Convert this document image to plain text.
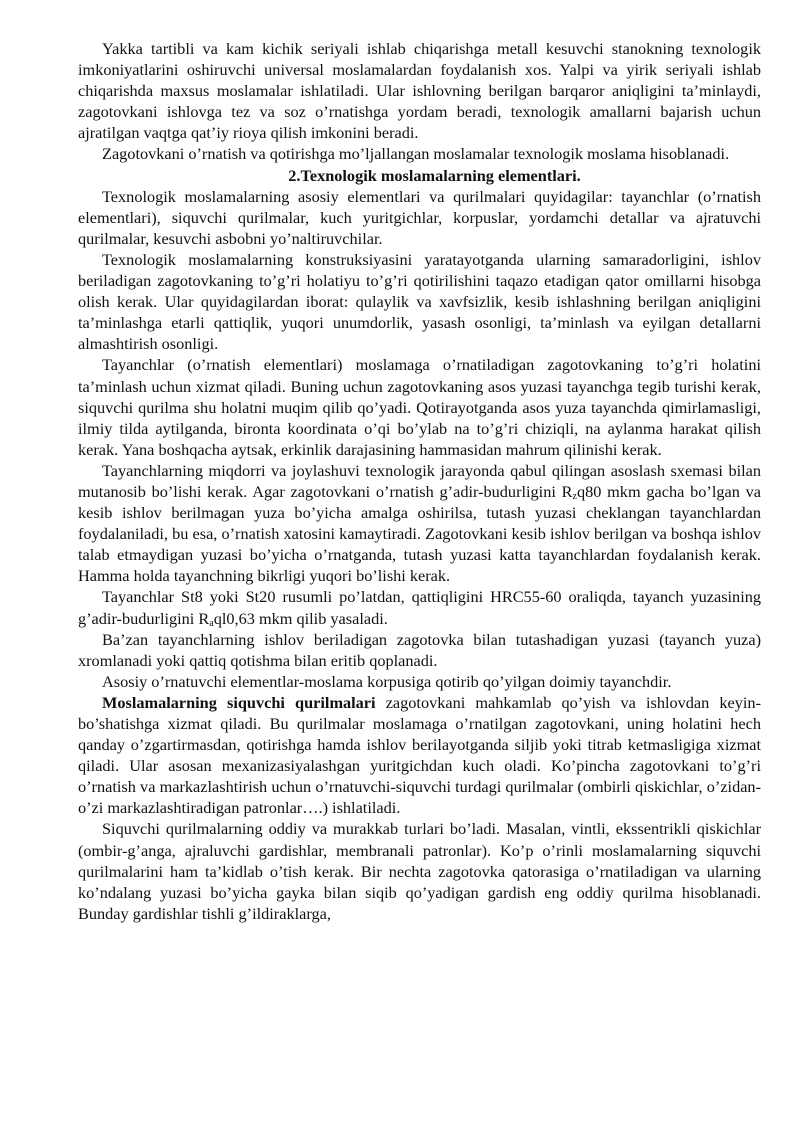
Yakka tartibli va kam kichik seriyali ishlab chiqarishga metall kesuvchi stanokning texnologik imkoniyatlarini oshiruvchi universal moslamalardan foydalanish xos. Yalpi va yirik seriyali ishlab chiqarishda maxsus moslamalar ishlatiladi. Ular ishlovning berilgan barqaror aniqligini ta’minlaydi, zagotovkani ishlovga tez va soz o’rnatishga yordam beradi, texnologik amallarni bajarish uchun ajratilgan vaqtga qat’iy rioya qilish imkonini beradi.

Zagotovkani o’rnatish va qotirishga mo’ljallangan moslamalar texnologik moslama hisoblanadi.

2.Texnologik moslamalarning elementlari.

Texnologik moslamalarning asosiy elementlari va qurilmalari quyidagilar: tayanchlar (o’rnatish elementlari), siquvchi qurilmalar, kuch yuritgichlar, korpuslar, yordamchi detallar va ajratuvchi qurilmalar, kesuvchi asbobni yo’naltiruvchilar.

Texnologik moslamalarning konstruksiyasini yaratayotganda ularning samaradorligini, ishlov beriladigan zagotovkaning to’g’ri holatiyu to’g’ri qotirilishini taqazo etadigan qator omillarni hisobga olish kerak. Ular quyidagilardan iborat: qulaylik va xavfsizlik, kesib ishlashning berilgan aniqligini ta’minlashga etarli qattiqlik, yuqori unumdorlik, yasash osonligi, ta’minlash va eyilgan detallarni almashtirish osonligi.

Tayanchlar (o’rnatish elementlari) moslamaga o’rnatiladigan zagotovkaning to’g’ri holatini ta’minlash uchun xizmat qiladi. Buning uchun zagotovkaning asos yuzasi tayanchga tegib turishi kerak, siquvchi qurilma shu holatni muqim qilib qo’yadi. Qotirayotganda asos yuza tayanchda qimirlamasligi, ilmiy tilda aytilganda, bironta koordinata o’qi bo’ylab na to’g’ri chiziqli, na aylanma harakat qilish kerak. Yana boshqacha aytsak, erkinlik darajasining hammasidan mahrum qilinishi kerak.

Tayanchlarning miqdorri va joylashuvi texnologik jarayonda qabul qilingan asoslash sxemasi bilan mutanosib bo’lishi kerak. Agar zagotovkani o’rnatish g’adir-budurligini $R_zq80$ mkm gacha bo’lgan va kesib ishlov berilmagan yuza bo’yicha amalga oshirilsa, tutash yuzasi cheklangan tayanchlardan foydalaniladi, bu esa, o’rnatish xatosini kamaytiradi. Zagotovkani kesib ishlov berilgan va boshqa ishlov talab etmaydigan yuzasi bo’yicha o’rnatganda, tutash yuzasi katta tayanchlardan foydalanish kerak. Hamma holda tayanchning bikrligi yuqori bo’lishi kerak.

Tayanchlar St8 yoki St20 rusumli po’latdan, qattiqligini HRC55-60 oraliqda, tayanch yuzasining g’adir-budurligini $R_aql0,63$ mkm qilib yasaladi.

Ba’zan tayanchlarning ishlov beriladigan zagotovka bilan tutashadigan yuzasi (tayanch yuza) xromlanadi yoki qattiq qotishma bilan eritib qoplanadi.

Asosiy o’rnatuvchi elementlar-moslama korpusiga qotirib qo’yilgan doimiy tayanchdir.

Moslamalarning siquvchi qurilmalari zagotovkani mahkamlab qo’yish va ishlovdan keyin-bo’shatishga xizmat qiladi. Bu qurilmalar moslamaga o’rnatilgan zagotovkani, uning holatini hech qanday o’zgartirmasdan, qotirishga hamda ishlov berilayotganda siljib yoki titrab ketmasligiga xizmat qiladi. Ular asosan mexanizasiyalashgan yuritgichdan kuch oladi. Ko’pincha zagotovkani to’g’ri o’rnatish va markazlashtirish uchun o’rnatuvchi-siquvchi turdagi qurilmalar (ombirli qiskichlar, o’zidan-o’zi markazlashtiradigan patronlar….) ishlatiladi.

Siquvchi qurilmalarning oddiy va murakkab turlari bo’ladi. Masalan, vintli, ekssentrikli qiskichlar (ombir-g’anga, ajraluvchi gardishlar, membranali patronlar). Ko’p o’rinli moslamalarning siquvchi qurilmalarini ham ta’kidlab o’tish kerak. Bir nechta zagotovka qatorasiga o’rnatiladigan va ularning ko’ndalang yuzasi bo’yicha gayka bilan siqib qo’yadigan gardish eng oddiy qurilma hisoblanadi. Bunday gardishlar tishli g’ildiraklarga,
